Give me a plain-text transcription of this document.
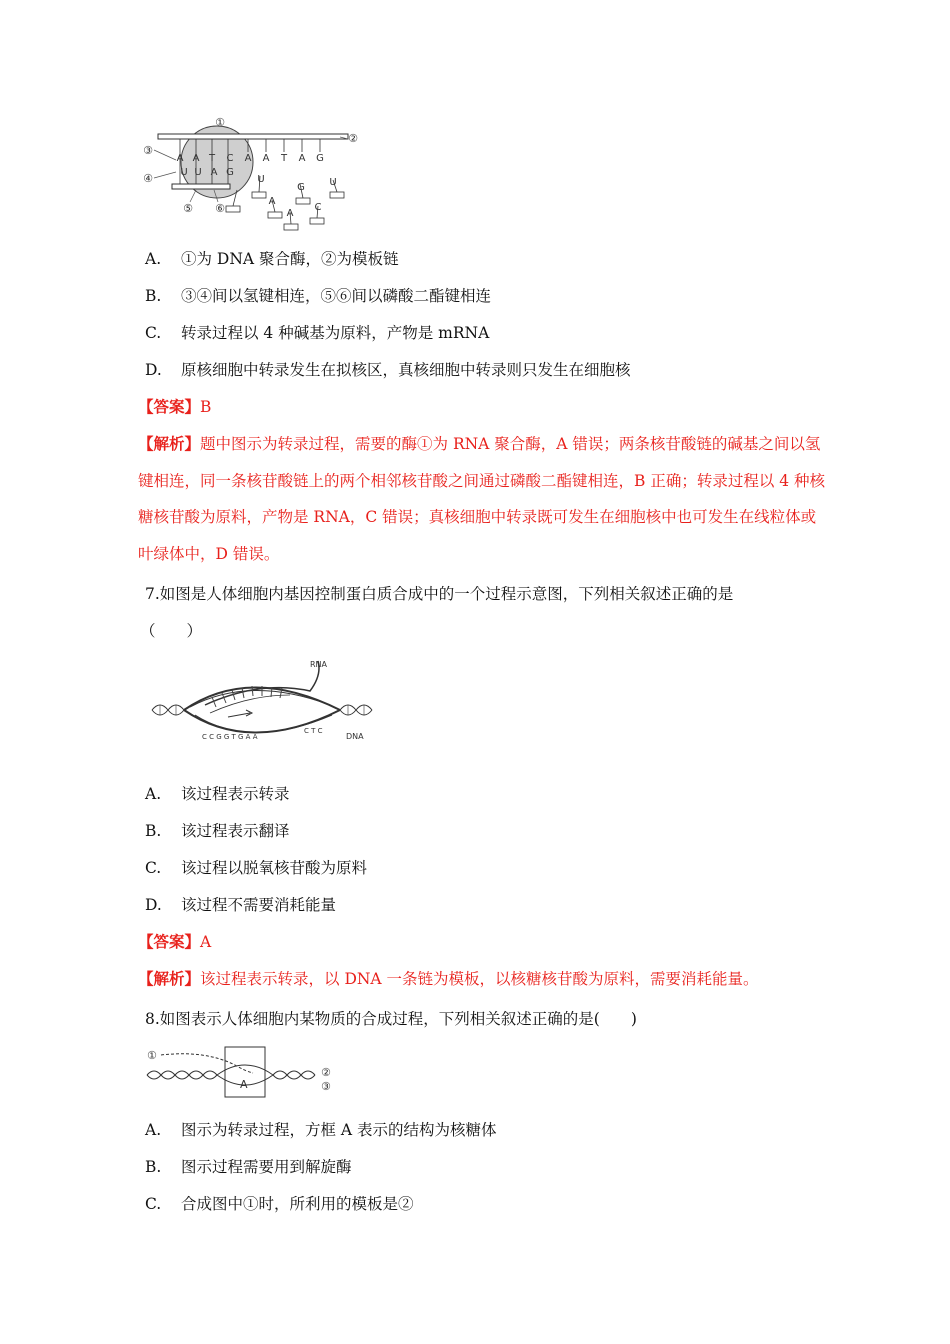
A A T C A A T A G
U U A G
①
②
③
④
⑤ ⑥
U
A
G
A
C
U
A. ①为 DNA 聚合酶，②为模板链
B. ③④间以氢键相连，⑤⑥间以磷酸二酯键相连
C. 转录过程以 4 种碱基为原料，产物是 mRNA
D. 原核细胞中转录发生在拟核区，真核细胞中转录则只发生在细胞核
【答案】B
【解析】题中图示为转录过程，需要的酶①为 RNA 聚合酶，A 错误；两条核苷酸链的碱基之间以氢键相连，同一条核苷酸链上的两个相邻核苷酸之间通过磷酸二酯键相连，B 正确；转录过程以 4 种核糖核苷酸为原料，产物是 RNA，C 错误；真核细胞中转录既可发生在细胞核中也可发生在线粒体或叶绿体中，D 错误。
7.如图是人体细胞内基因控制蛋白质合成中的一个过程示意图，下列相关叙述正确的是
（　　）
RNA
DNA
C C G G T G A A
C T C
A. 该过程表示转录
B. 该过程表示翻译
C. 该过程以脱氧核苷酸为原料
D. 该过程不需要消耗能量
【答案】A
【解析】该过程表示转录，以 DNA 一条链为模板，以核糖核苷酸为原料，需要消耗能量。
8.如图表示人体细胞内某物质的合成过程，下列相关叙述正确的是(　　)
A
①
②
③
A. 图示为转录过程，方框 A 表示的结构为核糖体
B. 图示过程需要用到解旋酶
C. 合成图中①时，所利用的模板是②
